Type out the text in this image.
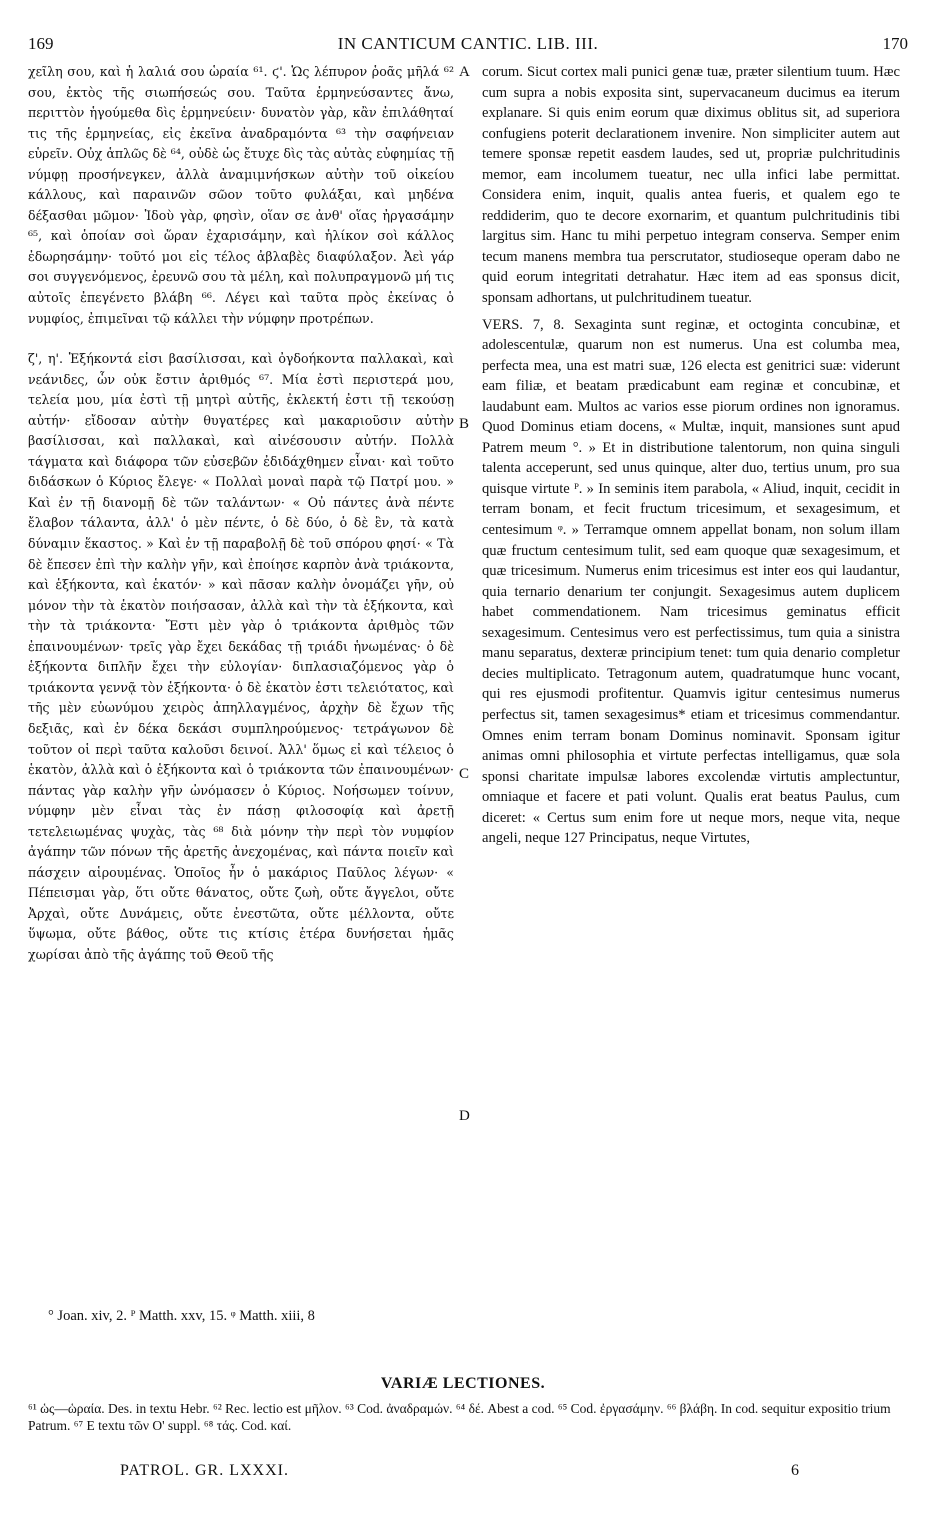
169	IN CANTICUM CANTIC. LIB. III.	170

χεῖλη σου, καὶ ἡ λαλιά σου ὡραία ⁶¹. ϛ'. Ὡς λέπυρον ῥοᾶς μῆλά ⁶² σου, ἐκτὸς τῆς σιωπήσεώς σου. Ταῦτα ἑρμηνεύσαντες ἄνω, περιττὸν ἡγούμεθα δὶς ἑρμηνεύειν· δυνατὸν γὰρ, κἂν ἐπιλάθηταί τις τῆς ἑρμηνείας, εἰς ἐκεῖνα ἀναδραμόντα ⁶³ τὴν σαφήνειαν εὑρεῖν. Οὐχ ἁπλῶς δὲ ⁶⁴, οὐδὲ ὡς ἔτυχε δὶς τὰς αὐτὰς εὐφημίας τῇ νύμφῃ προσήνεγκεν, ἀλλὰ ἀναμιμνήσκων αὐτὴν τοῦ οἰκείου κάλλους, καὶ παραινῶν σῶον τοῦτο φυλάξαι, καὶ μηδένα δέξασθαι μῶμον· Ἰδοὺ γὰρ, φησὶν, οἵαν σε ἀνθ' οἵας ἠργασάμην ⁶⁵, καὶ ὁποίαν σοὶ ὥραν ἐχαρισάμην, καὶ ἡλίκον σοὶ κάλλος ἐδωρησάμην· τοῦτό μοι εἰς τέλος ἀβλαβὲς διαφύλαξον. Ἀεὶ γάρ σοι συγγενόμενος, ἐρευνῶ σου τὰ μέλη, καὶ πολυπραγμονῶ μή τις αὐτοῖς ἐπεγένετο βλάβη ⁶⁶. Λέγει καὶ ταῦτα πρὸς ἐκείνας ὁ νυμφίος, ἐπιμεῖναι τῷ κάλλει τὴν νύμφην προτρέπων.

ζ', η'. Ἑξήκοντά εἰσι βασίλισσαι, καὶ ὀγδοήκοντα παλλακαὶ, καὶ νεάνιδες, ὧν οὐκ ἔστιν ἀριθμός ⁶⁷. Μία ἐστὶ περιστερά μου, τελεία μου, μία ἐστὶ τῇ μητρὶ αὐτῆς, ἐκλεκτή ἐστι τῇ τεκούσῃ αὐτήν· εἴδοσαν αὐτὴν θυγατέρες καὶ μακαριοῦσιν αὐτὴν βασίλισσαι, καὶ παλλακαὶ, καὶ αἰνέσουσιν αὐτήν. Πολλὰ τάγματα καὶ διάφορα τῶν εὐσεβῶν ἐδιδάχθημεν εἶναι· καὶ τοῦτο διδάσκων ὁ Κύριος ἔλεγε· « Πολλαὶ μοναὶ παρὰ τῷ Πατρί μου. » Καὶ ἐν τῇ διανομῇ δὲ τῶν ταλάντων· « Οὐ πάντες ἀνὰ πέντε ἔλαβον τάλαντα, ἀλλ' ὁ μὲν πέντε, ὁ δὲ δύο, ὁ δὲ ἓν, τὰ κατὰ δύναμιν ἕκαστος. » Καὶ ἐν τῇ παραβολῇ δὲ τοῦ σπόρου φησί· « Τὰ δὲ ἔπεσεν ἐπὶ τὴν καλὴν γῆν, καὶ ἐποίησε καρπὸν ἀνὰ τριάκοντα, καὶ ἑξήκοντα, καὶ ἑκατόν· » καὶ πᾶσαν καλὴν ὀνομάζει γῆν, οὐ μόνον τὴν τὰ ἑκατὸν ποιήσασαν, ἀλλὰ καὶ τὴν τὰ ἑξήκοντα, καὶ τὴν τὰ τριάκοντα· Ἔστι μὲν γὰρ ὁ τριάκοντα ἀριθμὸς τῶν ἐπαινουμένων· τρεῖς γὰρ ἔχει δεκάδας τῇ τριάδι ἡνωμένας· ὁ δὲ ἑξήκοντα διπλῆν ἔχει τὴν εὐλογίαν· διπλασιαζόμενος γὰρ ὁ τριάκοντα γεννᾷ τὸν ἑξήκοντα· ὁ δὲ ἑκατὸν ἐστι τελειότατος, καὶ τῆς μὲν εὐωνύμου χειρὸς ἀπηλλαγμένος, ἀρχὴν δὲ ἔχων τῆς δεξιᾶς, καὶ ἐν δέκα δεκάσι συμπληρούμενος· τετράγωνον δὲ τοῦτον οἱ περὶ ταῦτα καλοῦσι δεινοί. Ἀλλ' ὅμως εἰ καὶ τέλειος ὁ ἑκατὸν, ἀλλὰ καὶ ὁ ἑξήκοντα καὶ ὁ τριάκοντα τῶν ἐπαινουμένων· πάντας γὰρ καλὴν γῆν ὠνόμασεν ὁ Κύριος. Νοήσωμεν τοίνυν, νύμφην μὲν εἶναι τὰς ἐν πάσῃ φιλοσοφίᾳ καὶ ἀρετῇ τετελειωμένας ψυχὰς, τὰς ⁶⁸ διὰ μόνην τὴν περὶ τὸν νυμφίον ἀγάπην τῶν πόνων τῆς ἀρετῆς ἀνεχομένας, καὶ πάντα ποιεῖν καὶ πάσχειν αἱρουμένας. Ὁποῖος ἦν ὁ μακάριος Παῦλος λέγων· « Πέπεισμαι γὰρ, ὅτι οὔτε θάνατος, οὔτε ζωὴ, οὔτε ἄγγελοι, οὔτε Ἀρχαὶ, οὔτε Δυνάμεις, οὔτε ἐνεστῶτα, οὔτε μέλλοντα, οὔτε ὕψωμα, οὔτε βάθος, οὔτε τις κτίσις ἑτέρα δυνήσεται ἡμᾶς χωρίσαι ἀπὸ τῆς ἀγάπης τοῦ Θεοῦ τῆς

A
B
C
D

corum. Sicut cortex mali punici genæ tuæ, præter silentium tuum. Hæc cum supra a nobis exposita sint, supervacaneum ducimus ea iterum explanare. Si quis enim eorum quæ diximus oblitus sit, ad superiora confugiens poterit declarationem invenire. Non simpliciter autem aut temere sponsæ repetit easdem laudes, sed ut, propriæ pulchritudinis memor, eam incolumem tueatur, nec ulla infici labe permittat. Considera enim, inquit, qualis antea fueris, et qualem ego te reddiderim, quo te decore exornarim, et quantum pulchritudinis tibi largitus sim. Hanc tu mihi perpetuo integram conserva. Semper enim tecum manens membra tua perscrutator, studioseque operam dabo ne quid eorum integritati detrahatur. Hæc item ad eas sponsus dicit, sponsam adhortans, ut pulchritudinem tueatur.

VERS. 7, 8. Sexaginta sunt reginæ, et octoginta concubinæ, et adolescentulæ, quarum non est numerus. Una est columba mea, perfecta mea, una est matri suæ, 126 electa est genitrici suæ: viderunt eam filiæ, et beatam prædicabunt eam reginæ et concubinæ, et laudabunt eam. Multos ac varios esse piorum ordines non ignoramus. Quod Dominus etiam docens, « Multæ, inquit, mansiones sunt apud Patrem meum °. » Et in distributione talentorum, non quina singuli talenta acceperunt, sed unus quinque, alter duo, tertius unum, pro sua quisque virtute ᴾ. » In seminis item parabola, « Aliud, inquit, cecidit in terram bonam, et fecit fructum tricesimum, et sexagesimum, et centesimum ᵠ. » Terramque omnem appellat bonam, non solum illam quæ fructum centesimum tulit, sed eam quoque quæ sexagesimum, et quæ tricesimum. Numerus enim tricesimus est inter eos qui laudantur, quia ternario denarium ter conjungit. Sexagesimus autem duplicem habet commendationem. Nam tricesimus geminatus efficit sexagesimum. Centesimus vero est perfectissimus, tum quia a sinistra manu separatus, dexteræ principium tenet: tum quia denario completur decies multiplicato. Tetragonum autem, quadratumque hunc vocant, qui res ejusmodi profitentur. Quamvis igitur centesimus numerus perfectus sit, tamen sexagesimus* etiam et tricesimus commendantur. Omnes enim terram bonam Dominus nominavit. Sponsam igitur animas omni philosophia et virtute perfectas intelligamus, quæ sola sponsi charitate impulsæ labores excolendæ virtutis amplectuntur, omniaque et facere et pati volunt. Qualis erat beatus Paulus, cum diceret: « Certus sum enim fore ut neque mors, neque vita, neque angeli, neque 127 Principatus, neque Virtutes,

° Joan. xiv, 2. ᴾ Matth. xxv, 15. ᵠ Matth. xiii, 8
VARIÆ LECTIONES.
⁶¹ ὡς—ὡραία. Des. in textu Hebr. ⁶² Rec. lectio est μῆλον. ⁶³ Cod. ἀναδραμών. ⁶⁴ δέ. Abest a cod. ⁶⁵ Cod. ἐργασάμην. ⁶⁶ βλάβη. In cod. sequitur expositio trium Patrum. ⁶⁷ E textu τῶν O' suppl. ⁶⁸ τάς. Cod. καί.
PATROL. GR. LXXXI.	6
